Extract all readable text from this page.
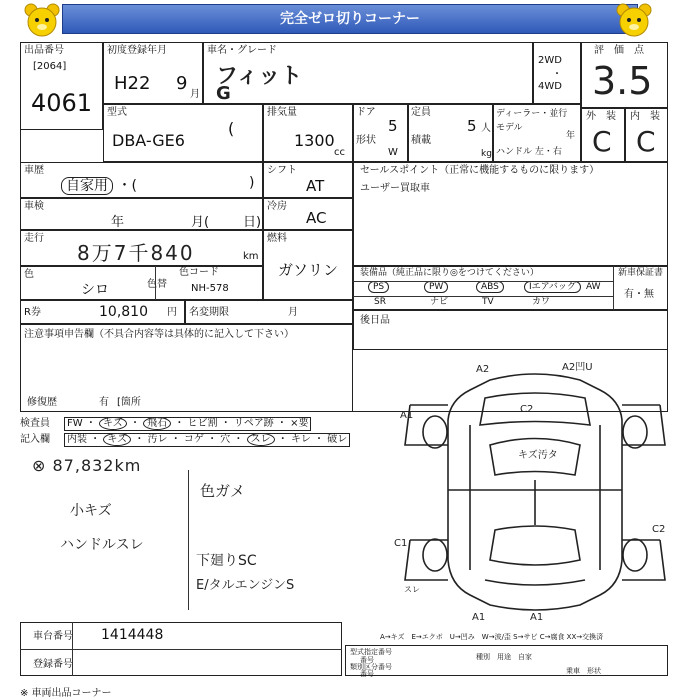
完全ゼロ切りコーナー
出品番号
[2064]
4061
初度登録年月
H22 9
月
車名・グレード
フィット
G
2WD
・
4WD
評　価　点
3.5
型式
DBA-GE6
(
排気量
1300
cc
ドア
5
形状
W
定員
5 人
積載
kg
ディーラー・並行
モデル
年
ハンドル 左・右
外　装
C
内　装
C
車歴
自家用 ・(	)
シフト
AT
セールスポイント（正常に機能するものに限ります）
ユーザー買取車
車検
年	月(	日)
冷房
AC
走行
8万7千840	km
燃料
ガソリン
色
シロ	色替
色コード
NH-578
装備品（純正品に限り◎をつけてください）	新車保証書
有・無
PS	PW	ABS	Iエアバッグ	AW
SR	ナビ	TV	カワ
R券	10,810 円 名変期限	月
後日品
注意事項申告欄（不具合内容等は具体的に記入して下さい）
修復歴	有 [箇所
検査員
記入欄
FW ・ キズ ・ 飛石 ・ ヒビ割 ・ リペア跡 ・ ×要
内装 ・ キズ ・ 汚レ ・ コゲ ・ 穴 ・ スレ ・ キレ ・ 破レ
⊗ 87,832km
色ガメ
小キズ
ハンドルスレ
下廻りSC
E/タルエンジンS
A2	A2凹U
A1
C2
キズ汚タ
C1
C2
A1	A1
スレ
A→キズ　E→エクボ　U→凹み　W→波/歪 S→サビ C→腐食 XX→交換済
車台番号 1414448
登録番号
型式指定番号
番号
類別区分番号
番号
種別　用途　自家
乗車　形状
※ 車両出品コーナー
